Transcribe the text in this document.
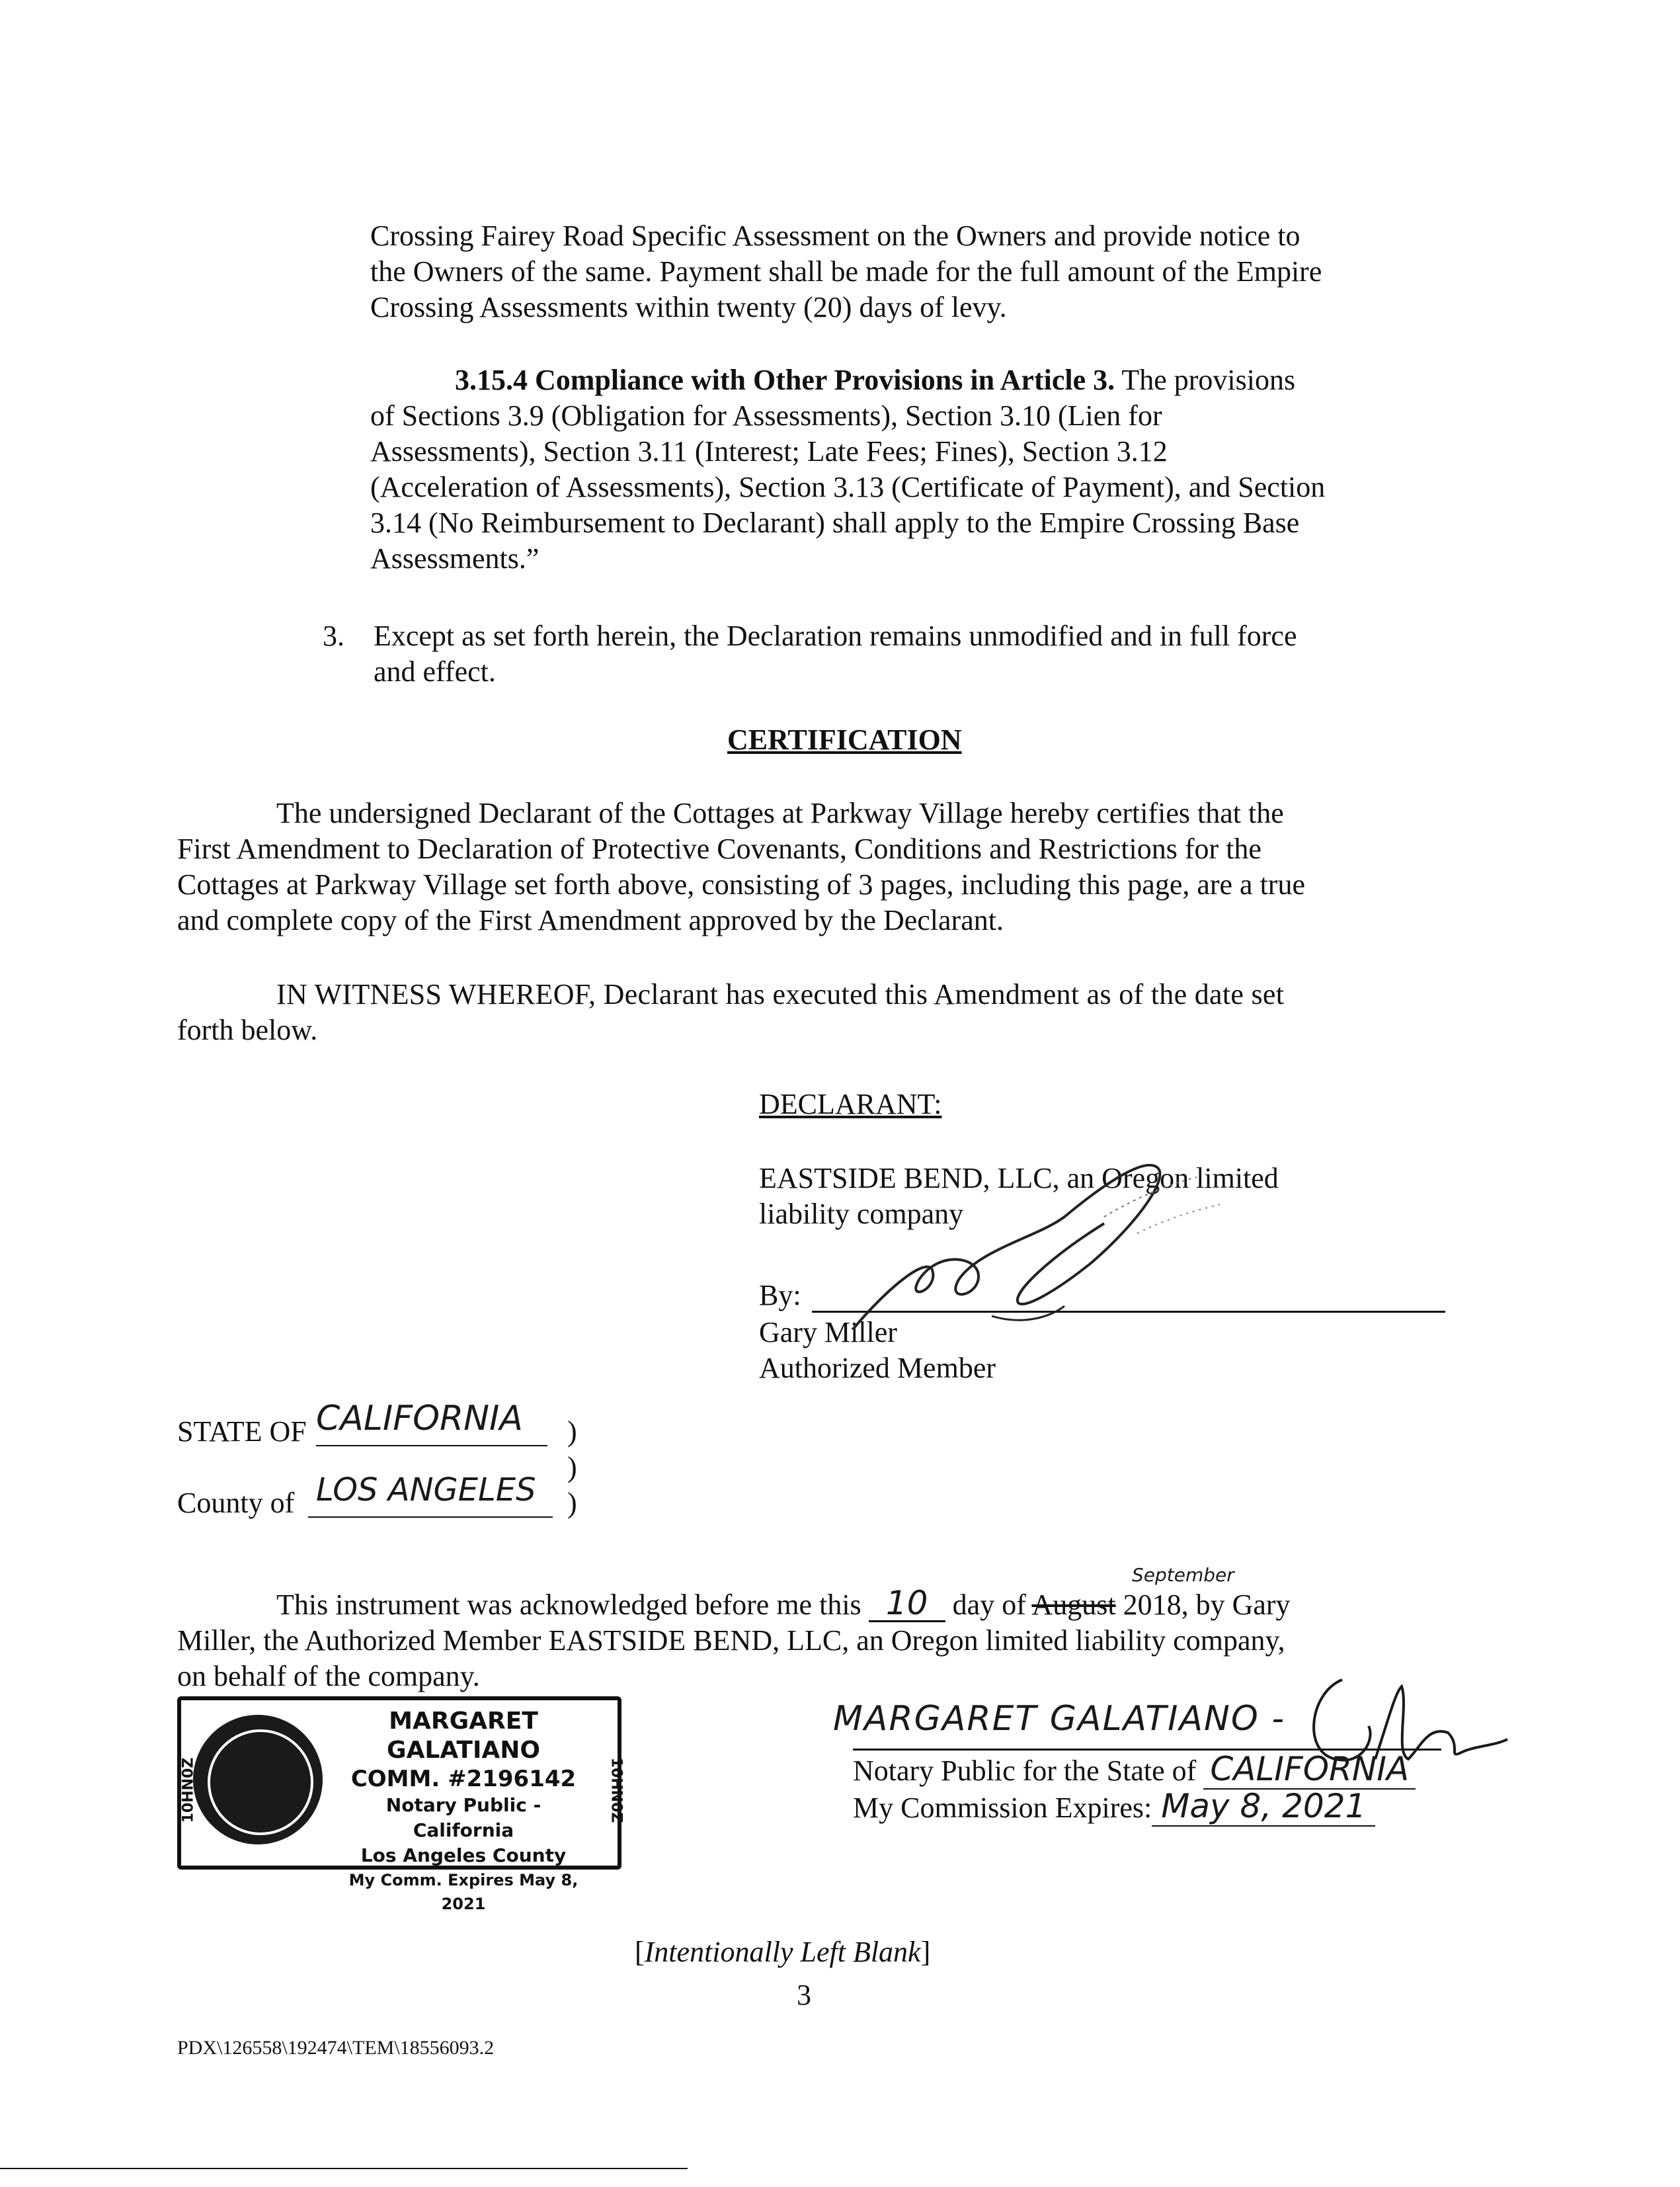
Crossing Fairey Road Specific Assessment on the Owners and provide notice to
the Owners of the same. Payment shall be made for the full amount of the Empire
Crossing Assessments within twenty (20) days of levy.
3.15.4 Compliance with Other Provisions in Article 3. The provisions
of Sections 3.9 (Obligation for Assessments), Section 3.10 (Lien for
Assessments), Section 3.11 (Interest; Late Fees; Fines), Section 3.12
(Acceleration of Assessments), Section 3.13 (Certificate of Payment), and Section
3.14 (No Reimbursement to Declarant) shall apply to the Empire Crossing Base
Assessments.”
3. Except as set forth herein, the Declaration remains unmodified and in full force
and effect.
CERTIFICATION
The undersigned Declarant of the Cottages at Parkway Village hereby certifies that the
First Amendment to Declaration of Protective Covenants, Conditions and Restrictions for the
Cottages at Parkway Village set forth above, consisting of 3 pages, including this page, are a true
and complete copy of the First Amendment approved by the Declarant.
IN WITNESS WHEREOF, Declarant has executed this Amendment as of the date set
forth below.
DECLARANT:
EASTSIDE BEND, LLC, an Oregon limited
liability company
By:
Gary Miller
Authorized Member
STATE OF CALIFORNIA )
)
County of LOS ANGELES )
This instrument was acknowledged before me this 10 day of August 2018, by Gary
September
Miller, the Authorized Member EASTSIDE BEND, LLC, an Oregon limited liability company,
on behalf of the company.
MARGARET GALATIANO
COMM. #2196142
Notary Public - California
Los Angeles County
My Comm. Expires May 8, 2021
10HN0Z	10HN0Z
MARGARET GALATIANO -
Notary Public for the State of CALIFORNIA
My Commission Expires: May 8, 2021
[Intentionally Left Blank]
3
PDX\126558\192474\TEM\18556093.2
